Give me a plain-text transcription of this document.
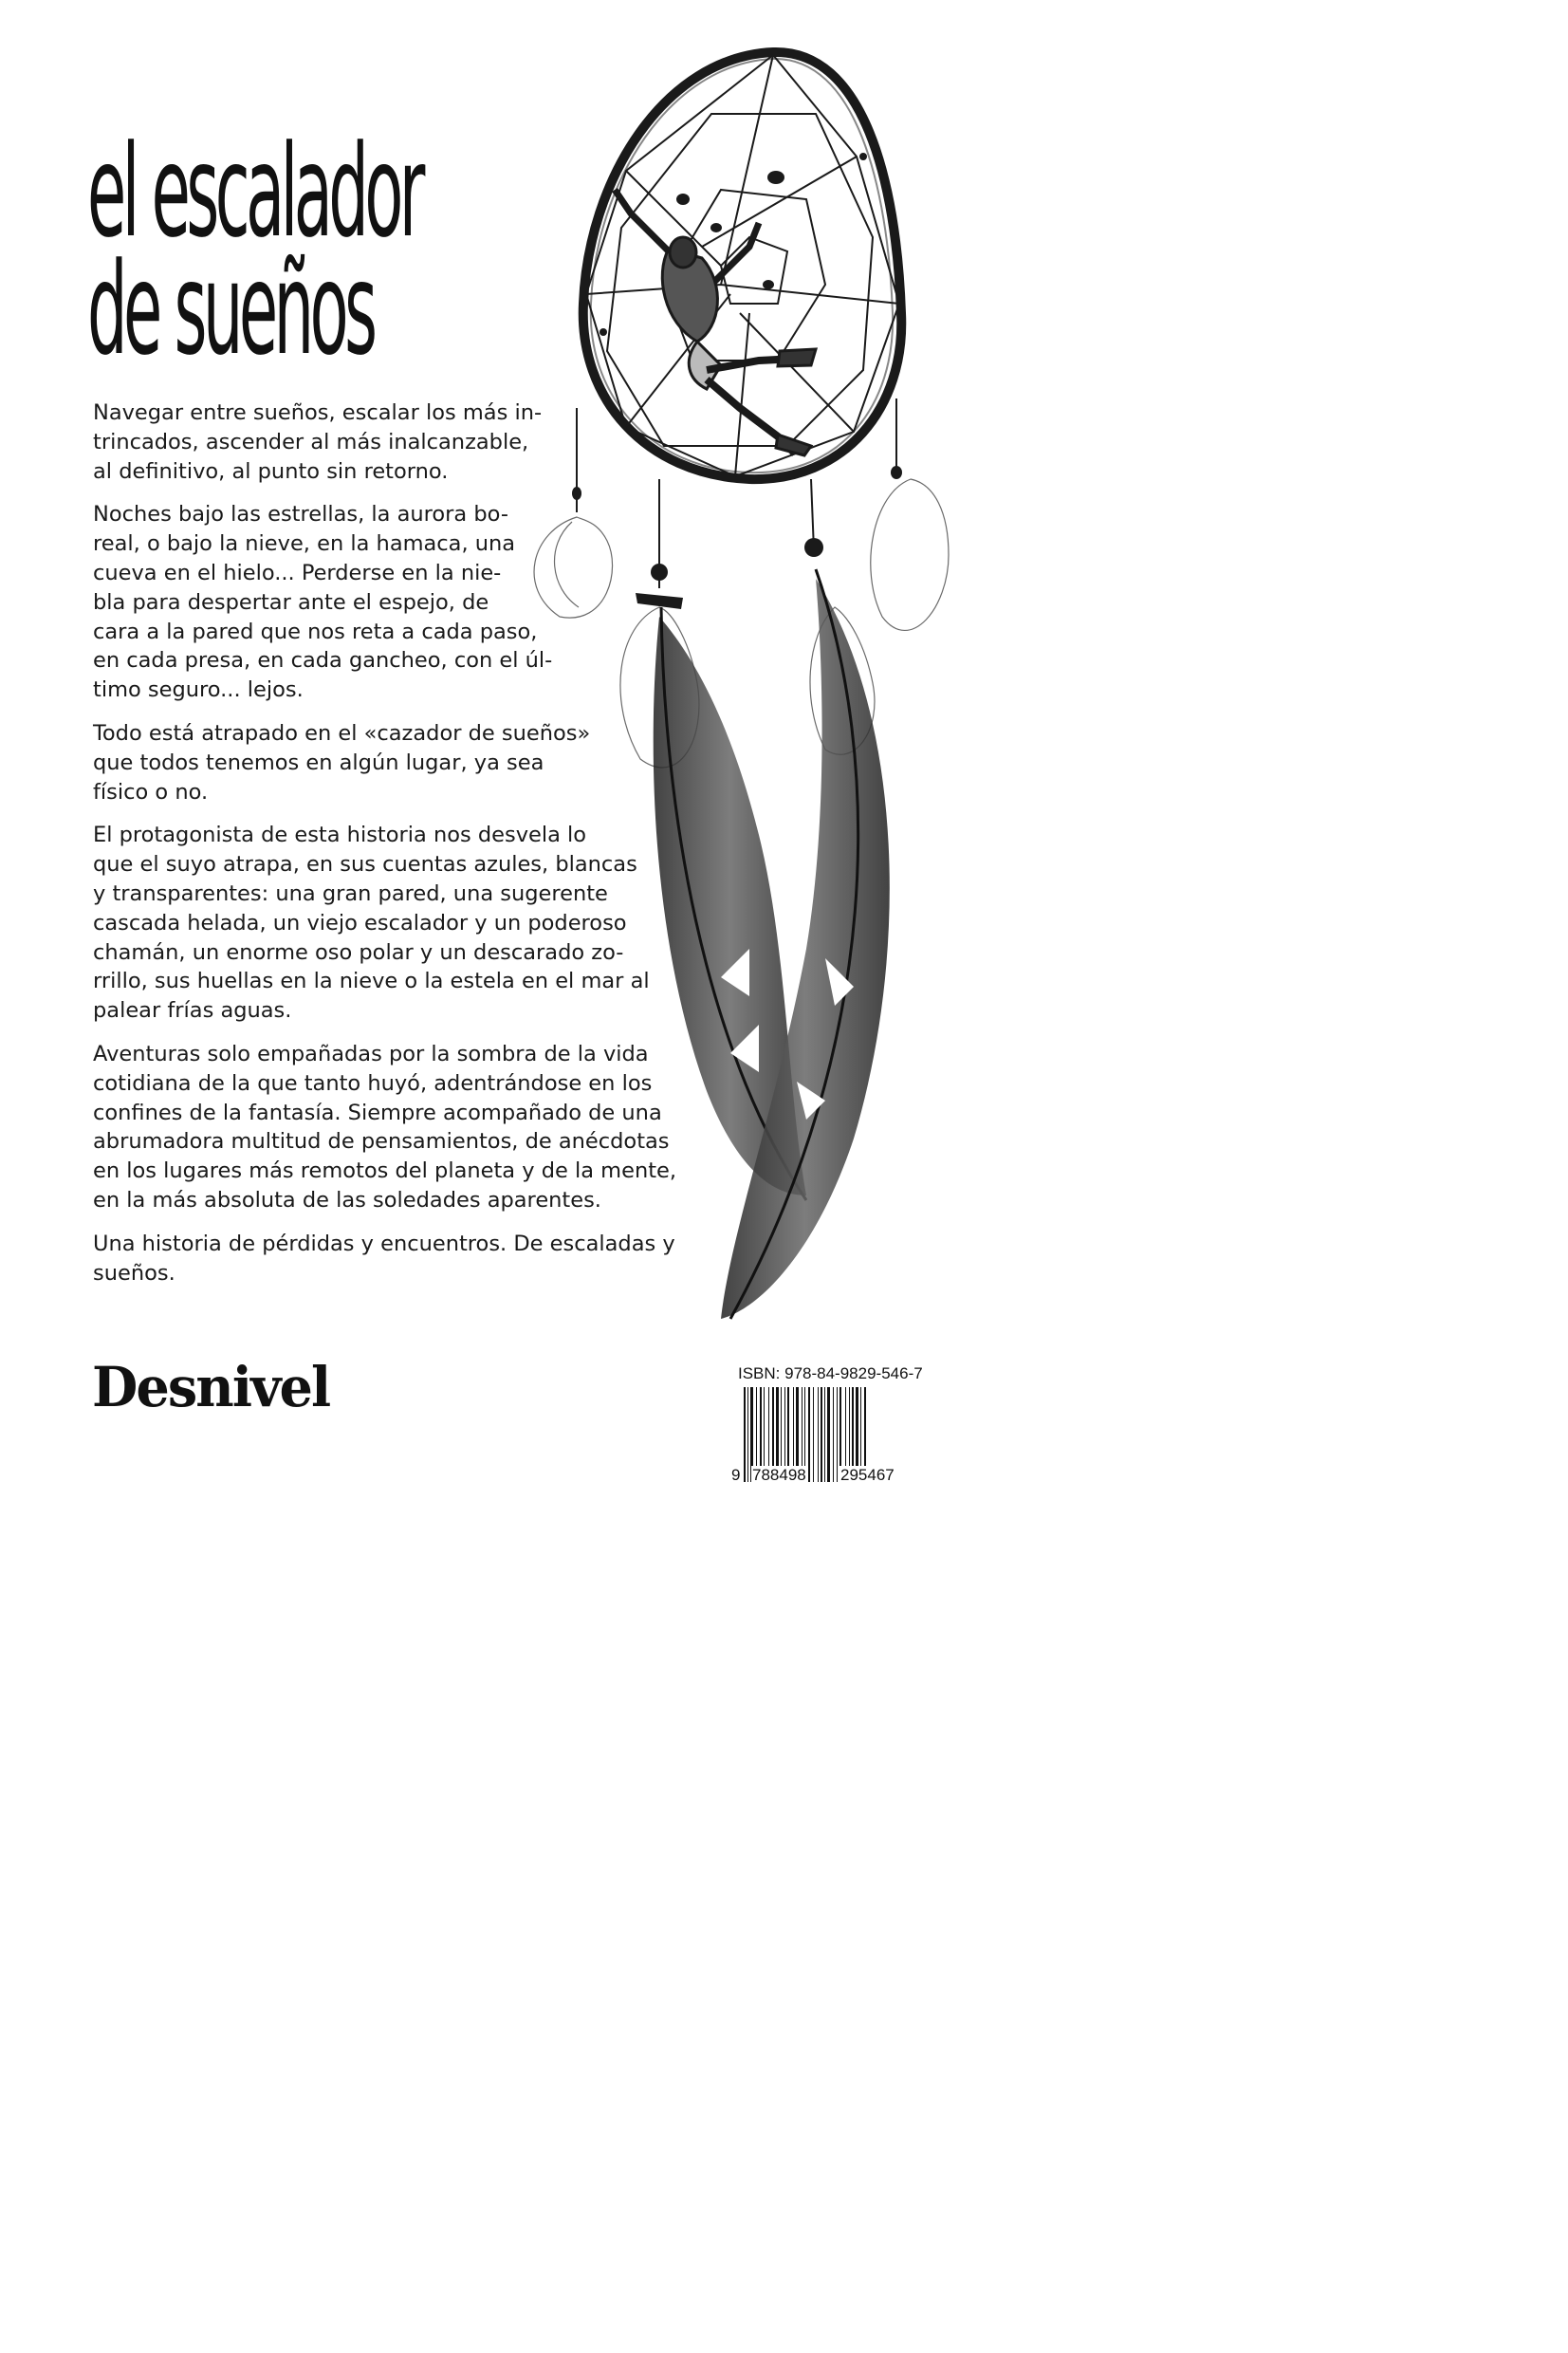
el escalador
de sueños

Navegar entre sueños, escalar los más in-
trincados, ascender al más inalcanzable,
al definitivo, al punto sin retorno.

Noches bajo las estrellas, la aurora bo-
real, o bajo la nieve, en la hamaca, una
cueva en el hielo... Perderse en la nie-
bla para despertar ante el espejo, de
cara a la pared que nos reta a cada paso,
en cada presa, en cada gancheo, con el úl-
timo seguro... lejos.

Todo está atrapado en el «cazador de sueños»
que todos tenemos en algún lugar, ya sea
físico o no.

El protagonista de esta historia nos desvela lo
que el suyo atrapa, en sus cuentas azules, blancas
y transparentes: una gran pared, una sugerente
cascada helada, un viejo escalador y un poderoso
chamán, un enorme oso polar y un descarado zo-
rrillo, sus huellas en la nieve o la estela en el mar al
palear frías aguas.

Aventuras solo empañadas por la sombra de la vida
cotidiana de la que tanto huyó, adentrándose en los
confines de la fantasía. Siempre acompañado de una
abrumadora multitud de pensamientos, de anécdotas
en los lugares más remotos del planeta y de la mente,
en la más absoluta de las soledades aparentes.

Una historia de pérdidas y encuentros. De escaladas y
sueños.

Desnivel	ISBN: 978-84-9829-546-7
9 788498 295467
